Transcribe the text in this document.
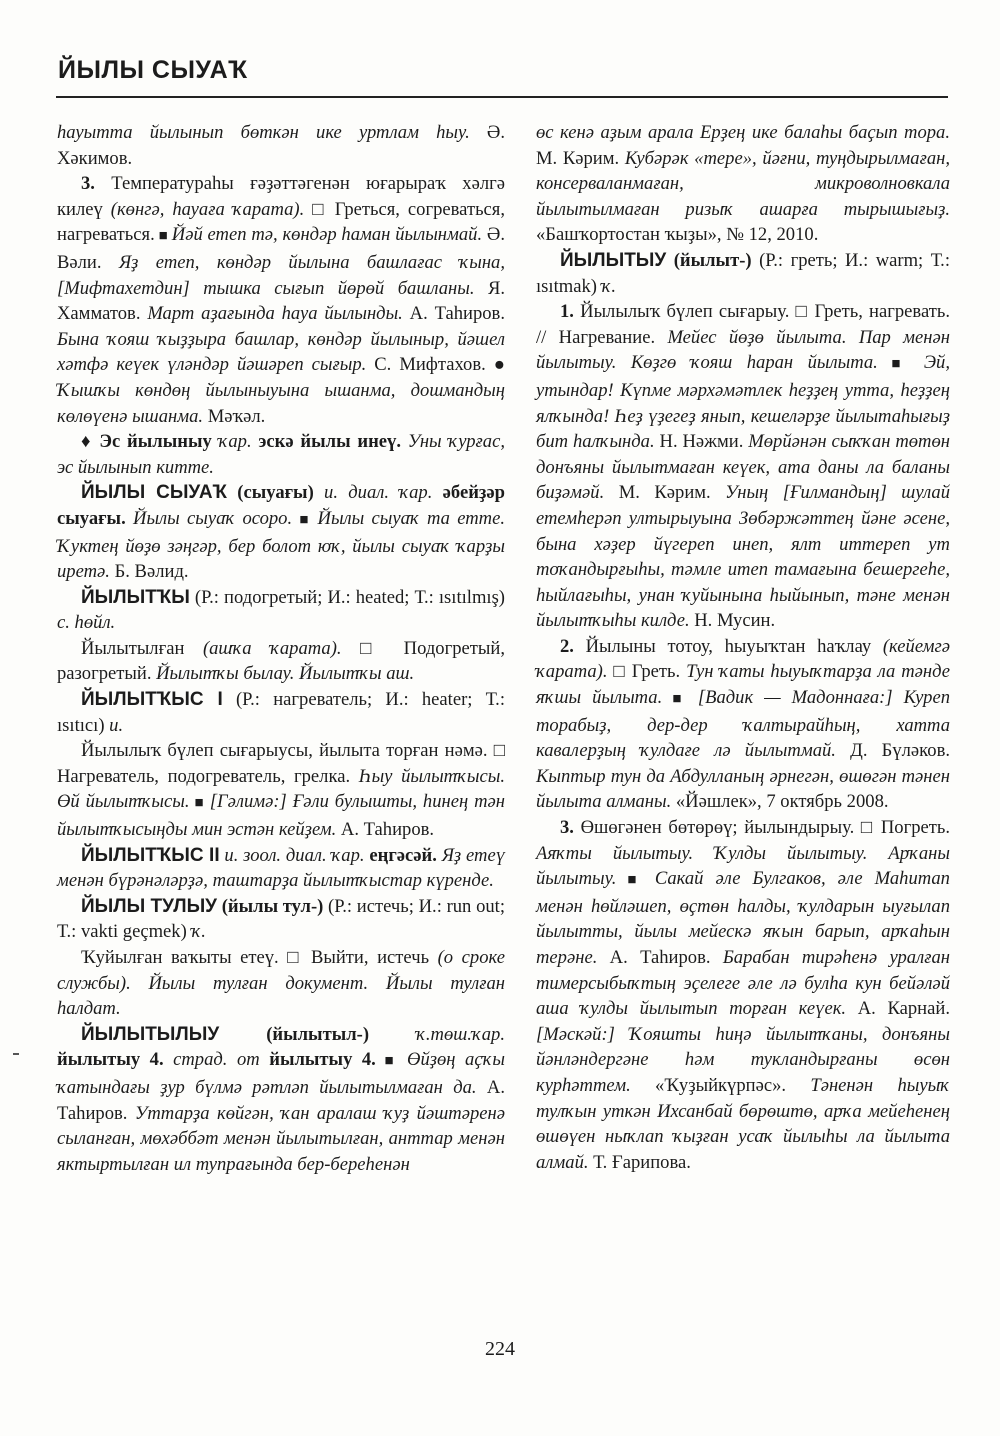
ЙЫЛЫ СЫУАҠ

һауытта йылынып бөткән ике уртлам һыу. Ә. Хәкимов.

3. Температураһы ғәҙәттәгенән юғарыраҡ хәлгә килеү (көнгә, һауаға ҡарата). □ Греться, согреваться, нагреваться. ■ Йәй етеп тә, көндәр һаман йылынмай. Ә. Вәли. Яҙ етеп, көндәр йылына башлағас ҡына, [Мифтахетдин] тышка сығып йөрөй башланы. Я. Хамматов. Март аҙағында һауа йылынды. А. Таһиров. Бына ҡояш ҡыҙҙыра башлар, көндәр йылыныр, йәшел хәтфә кеүек үләндәр йәшәреп сығыр. С. Мифтахов. ● Ҡышҡы көндөң йылыныуына ышанма, дошмандың көлөүенә ышанма. Мәҡәл.

♦ Эс йылыныу ҡар. эскә йылы инеү. Уны ҡурғас, эс йылынып китте.

ЙЫЛЫ СЫУАҠ (сыуағы) и. диал. ҡар. әбейҙәр сыуағы. Йылы сыуаҡ осоро. ■ Йылы сыуаҡ та етте. Ҡуктең йөҙө зәңгәр, бер болот юҡ, йылы сыуаҡ ҡарҙы иретә. Б. Вәлид.

ЙЫЛЫТҠЫ (Р.: подогретый; И.: heated; Т.: ısıtılmış) с. һөйл.

Йылытылған (ашҡа ҡарата). □ Подогретый, разогретый. Йылытҡы былау. Йылытҡы аш.

ЙЫЛЫТҠЫС I (Р.: нагреватель; И.: heater; Т.: ısıtıcı) и.

Йылылыҡ бүлеп сығарыусы, йылыта торған нәмә. □ Нагреватель, подогреватель, грелка. Һыу йылытҡысы. Өй йылытҡысы. ■ [Гәлимә:] Ғәли булышты, һинең тән йылытҡысыңды мин эстән кейҙем. А. Таһиров.

ЙЫЛЫТҠЫС II и. зоол. диал. ҡар. еңгәсәй. Яҙ етеү менән бүрәнәләрҙә, таштарҙа йылытҡыстар күренде.

ЙЫЛЫ ТУЛЫУ (йылы тул-) (Р.: истечь; И.: run out; Т.: vakti geçmek) ҡ.

Ҡуйылған ваҡыты етеү. □ Выйти, истечь (о сроке службы). Йылы тулған документ. Йылы тулған һалдат.

ЙЫЛЫТЫЛЫУ (йылытыл-) ҡ.төш.ҡар. йылытыу 4. страд. от йылытыу 4. ■ Өйҙөң аҫҡы ҡатындағы ҙур бүлмә рәтләп йылытылмаған да. А. Таһиров. Уттарҙа көйгән, ҡан аралаш ҡуҙ йәштәренә сыланған, мөхәббәт менән йылытылған, анттар менән яктыртылған ил тупрағында бер-береһенән

өс кенә аҙым арала Ерҙең ике балаһы баҫып тора. М. Кәрим. Кубәрәк «тере», йәғни, туңдырылмаған, консерваланмаған, микроволновкала йылытылмаған ризыҡ ашарға тырышығыҙ. «Башҡортостан ҡыҙы», № 12, 2010.

ЙЫЛЫТЫУ (йылыт-) (Р.: греть; И.: warm; Т.: ısıtmak) ҡ.

1. Йылылыҡ бүлеп сығарыу. □ Греть, нагревать. // Нагревание. Мейес йөҙө йылыта. Пар менән йылытыу. Көҙгө ҡояш һаран йылыта. ■ Эй, утындар! Күпме мәрхәмәтлек һеҙҙең утта, һеҙҙең ялҡында! Һеҙ үҙегеҙ янып, кешеләрҙе йылытаһығыҙ бит һалҡында. Н. Нәжми. Мөрйәнән сыҡҡан төтөн донъяны йылытмаған кеүек, ата даны ла баланы биҙәмәй. М. Кәрим. Уның [Ғилмандың] шулай етемһерәп ултырыуына Зөбәржәттең йәне әсене, бына хәҙер йүгереп инеп, ялт иттереп ут тоҡандырғыһы, тәмле итеп тамағына бешергеһе, һыйлағыһы, унан ҡуйынына һыйынып, тәне менән йылытҡыһы килде. Н. Мусин.

2. Йылыны тотоу, һыуыҡтан һаҡлау (кейемгә ҡарата). □ Греть. Тун ҡаты һыуыҡтарҙа ла тәнде яҡшы йылыта. ■ [Вадик — Мадоннаға:] Куреп торабыҙ, дер-дер ҡалтырайһың, хатта кавалерҙың ҡулдағе лә йылытмай. Д. Бүләков. Кыптыр тун да Абдулланың әрнегән, өшөгән тәнен йылыта алманы. «Йәшлек», 7 октябрь 2008.

3. Өшөгәнен бөтөрөү; йылындырыу. □ Погреть. Аяҡты йылытыу. Ҡулды йылытыу. Арҡаны йылытыу. ■ Сакай әле Булгаков, әле Маһитап менән һөйләшеп, өҫтөн һалды, ҡулдарын ыуғылап йылытты, йылы мейескә яҡын барып, арҡаһын терәне. А. Таһиров. Барабан тирәһенә уралған тимерсыбыҡтың эҫелеге әле лә булһа кун бейәләй аша ҡулды йылытып торған кеүек. А. Карнай. [Мәскәй:] Ҡояшты һиңә йылытҡаны, донъяны йәнләндергәне һәм тукландырғаны өсөн курһәттем. «Ҡуҙыйкүрпәс». Тәненән һыуыҡ тулҡын уткән Ихсанбай бөрөштө, арҡа мейеһенең өшөүен ныҡлап ҡыҙған усаҡ йылыһы ла йылыта алмай. Т. Ғарипова.

224
